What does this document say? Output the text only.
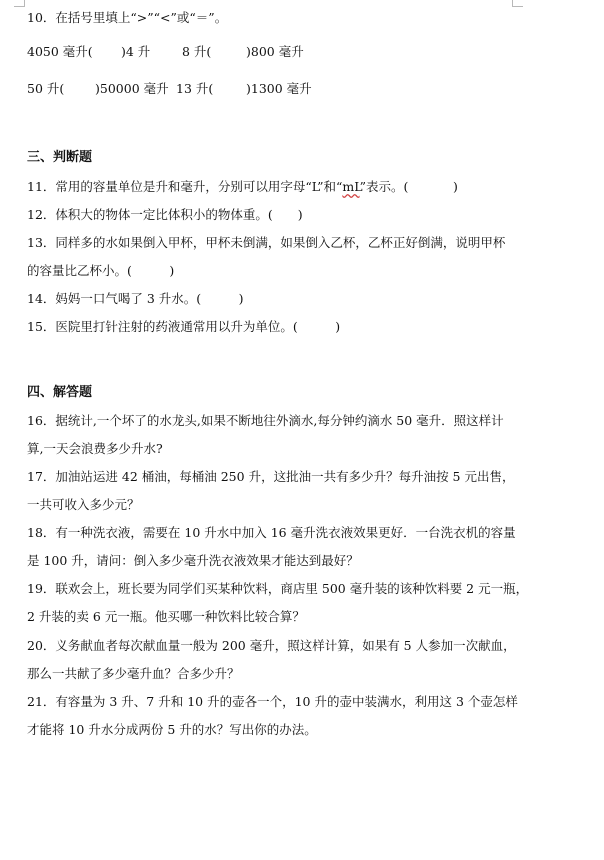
10．在括号里填上“>”“<”或“＝”。
4050 毫升( )4 升	8 升(	)800 毫升
50 升( )50000 毫升 13 升(	)1300 毫升
三、判断题
11．常用的容量单位是升和毫升，分别可以用字母“L”和“mL”表示。(	)
12．体积大的物体一定比体积小的物体重。(　　)
13．同样多的水如果倒入甲杯，甲杯未倒满，如果倒入乙杯，乙杯正好倒满，说明甲杯
的容量比乙杯小。(　　　)
14．妈妈一口气喝了 3 升水。(　　　)
15．医院里打针注射的药液通常用以升为单位。(　　　)
四、解答题
16．据统计,一个坏了的水龙头,如果不断地往外滴水,每分钟约滴水 50 毫升．照这样计
算,一天会浪费多少升水?
17．加油站运进 42 桶油，每桶油 250 升，这批油一共有多少升？每升油按 5 元出售，
一共可收入多少元？
18．有一种洗衣液，需要在 10 升水中加入 16 毫升洗衣液效果更好．一台洗衣机的容量
是 100 升，请问：倒入多少毫升洗衣液效果才能达到最好？
19．联欢会上，班长要为同学们买某种饮料，商店里 500 毫升装的该种饮料要 2 元一瓶，
2 升装的卖 6 元一瓶。他买哪一种饮料比较合算？
20．义务献血者每次献血量一般为 200 毫升，照这样计算，如果有 5 人参加一次献血，
那么一共献了多少毫升血？合多少升？
21．有容量为 3 升、7 升和 10 升的壶各一个，10 升的壶中装满水，利用这 3 个壶怎样
才能将 10 升水分成两份 5 升的水？写出你的办法。
